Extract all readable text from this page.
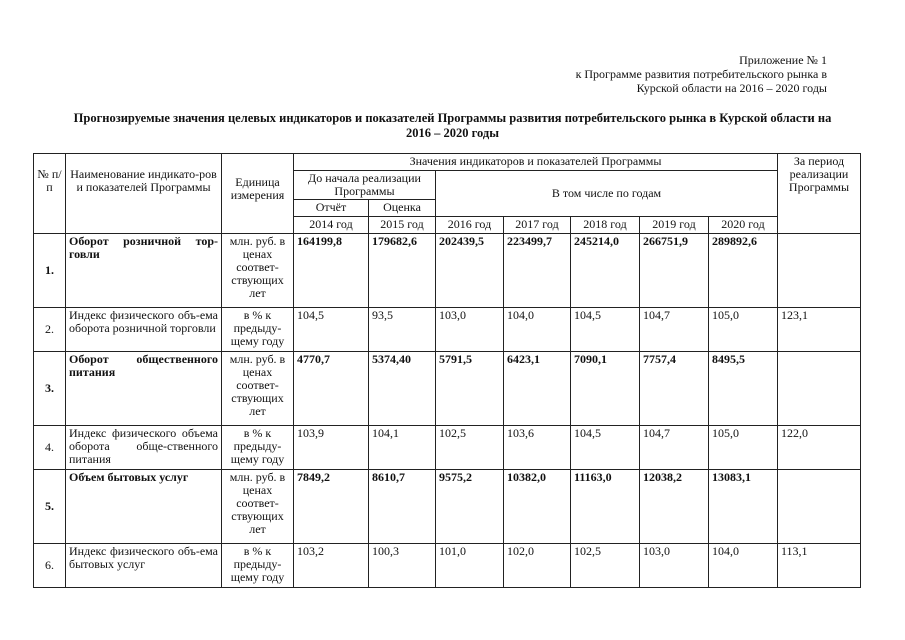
Приложение № 1
к Программе развития потребительского рынка в
Курской области на 2016 – 2020 годы
Прогнозируемые значения целевых индикаторов и показателей Программы развития потребительского рынка в Курской области на
2016 – 2020 годы
№ п/п	Наименование индикато-ров и показателей Программы	Единица измерения	Значения индикаторов и показателей Программы							За период реализации Программы
			До начала реализации Программы		В том числе по годам					
			Отчёт	Оценка						
			2014 год	2015 год	2016 год	2017 год	2018 год	2019 год	2020 год	
1.	Оборот розничной тор-говли	млн. руб. в ценах соответ-ствующих лет	164199,8	179682,6	202439,5	223499,7	245214,0	266751,9	289892,6	
2.	Индекс физического объ-ема оборота розничной торговли	в % к предыду-щему году	104,5	93,5	103,0	104,0	104,5	104,7	105,0	123,1
3.	Оборот общественного питания	млн. руб. в ценах соответ-ствующих лет	4770,7	5374,40	5791,5	6423,1	7090,1	7757,4	8495,5	
4.	Индекс физического объема оборота обще-ственного питания	в % к предыду-щему году	103,9	104,1	102,5	103,6	104,5	104,7	105,0	122,0
5.	Объем бытовых услуг	млн. руб. в ценах соответ-ствующих лет	7849,2	8610,7	9575,2	10382,0	11163,0	12038,2	13083,1	
6.	Индекс физического объ-ема бытовых услуг	в % к предыду-щему году	103,2	100,3	101,0	102,0	102,5	103,0	104,0	113,1
